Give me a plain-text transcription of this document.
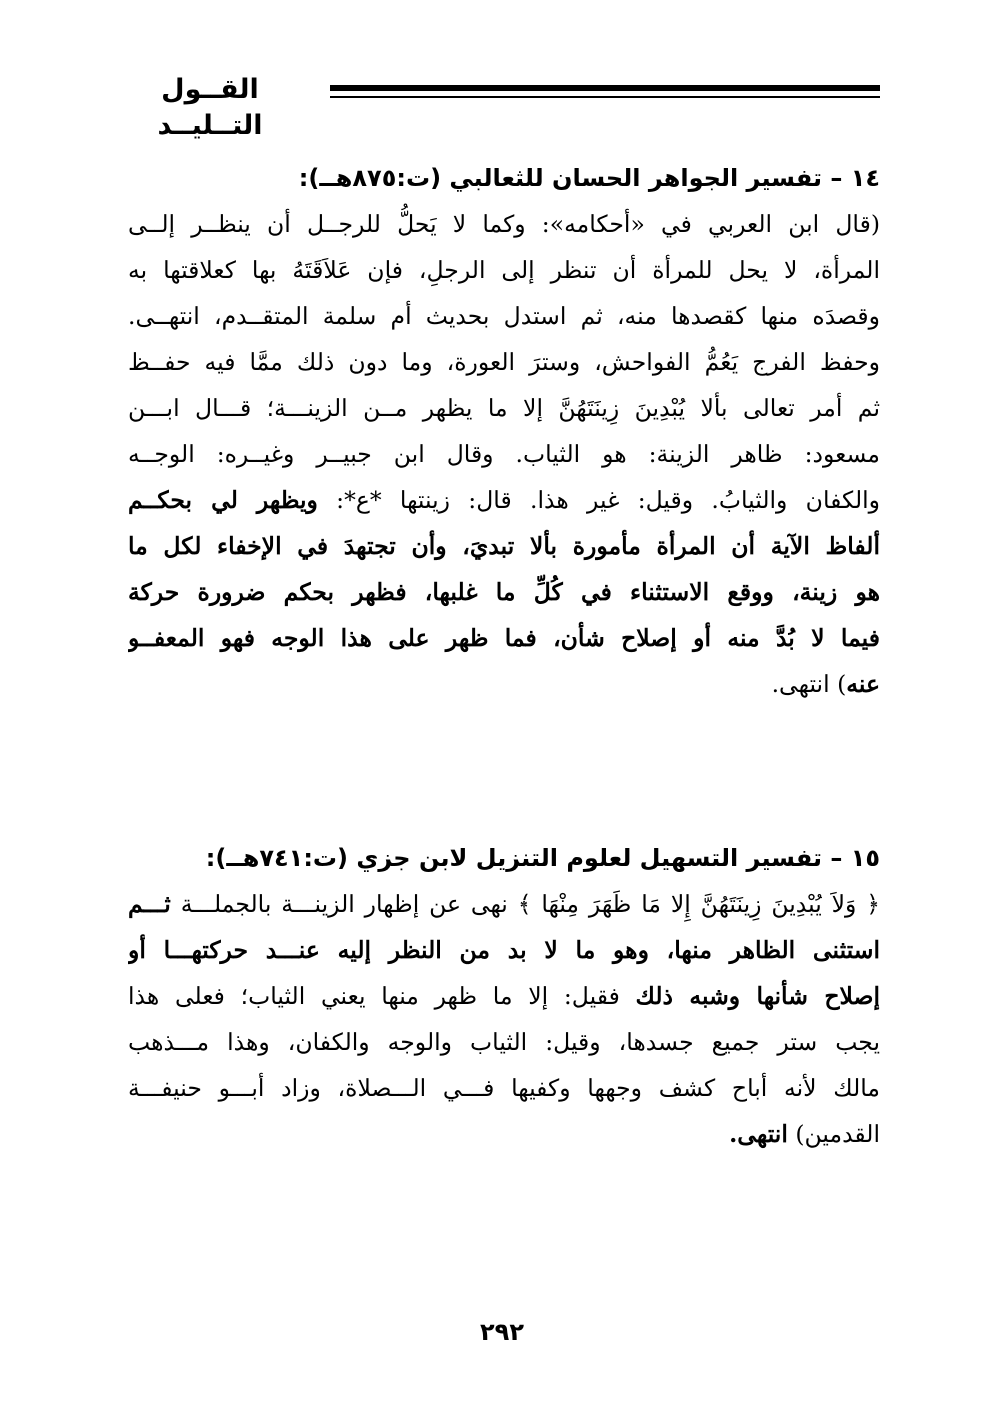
القــول التــليــد
١٤ – تفسير الجواهر الحسان للثعالبي (ت:٨٧٥هــ):
(قال ابن العربي في «أحكامه»: وكما لا يَحلُّ للرجــل أن ينظــر إلــى
المرأة، لا يحل للمرأة أن تنظر إلى الرجلِ، فإن عَلاَقَتَهُ بها كعلاقتها به
وقصدَه منها كقصدها منه، ثم استدل بحديث أم سلمة المتقــدم، انتهــى.
وحفظ الفرج يَعُمُّ الفواحش، وسترَ العورة، وما دون ذلك ممَّا فيه حفــظ
ثم أمر تعالى بألا يُبْدِينَ زِينَتَهُنَّ إلا ما يظهر مــن الزينـــة؛ قـــال ابـــن
مسعود: ظاهر الزينة: هو الثياب. وقال ابن جبيــر وغيــره: الوجــه
والكفان والثيابُ. وقيل: غير هذا. قال: زينتها *ع*: ويظهر لي بحكــم
ألفاظ الآية أن المرأة مأمورة بألا تبديَ، وأن تجتهدَ في الإخفاء لكل ما
هو زينة، ووقع الاستثناء في كُلِّ ما غلبها، فظهر بحكم ضرورة حركة
فيما لا بُدَّ منه أو إصلاح شأن، فما ظهر على هذا الوجه فهو المعفــو
عنه) انتهى.
١٥ – تفسير التسهيل لعلوم التنزيل لابن جزي (ت:٧٤١هــ):
﴿ وَلاَ يُبْدِينَ زِينَتَهُنَّ إِلا مَا ظَهَرَ مِنْهَا ﴾ نهى عن إظهار الزينـــة بالجملـــة ثـــم
استثنى الظاهر منها، وهو ما لا بد من النظر إليه عنـــد حركتهـــا أو
إصلاح شأنها وشبه ذلك فقيل: إلا ما ظهر منها يعني الثياب؛ فعلى هذا
يجب ستر جميع جسدها، وقيل: الثياب والوجه والكفان، وهذا مـــذهب
مالك لأنه أباح كشف وجهها وكفيها فـــي الـــصلاة، وزاد أبـــو حنيفـــة
القدمين) انتهى.
٢٩٢
